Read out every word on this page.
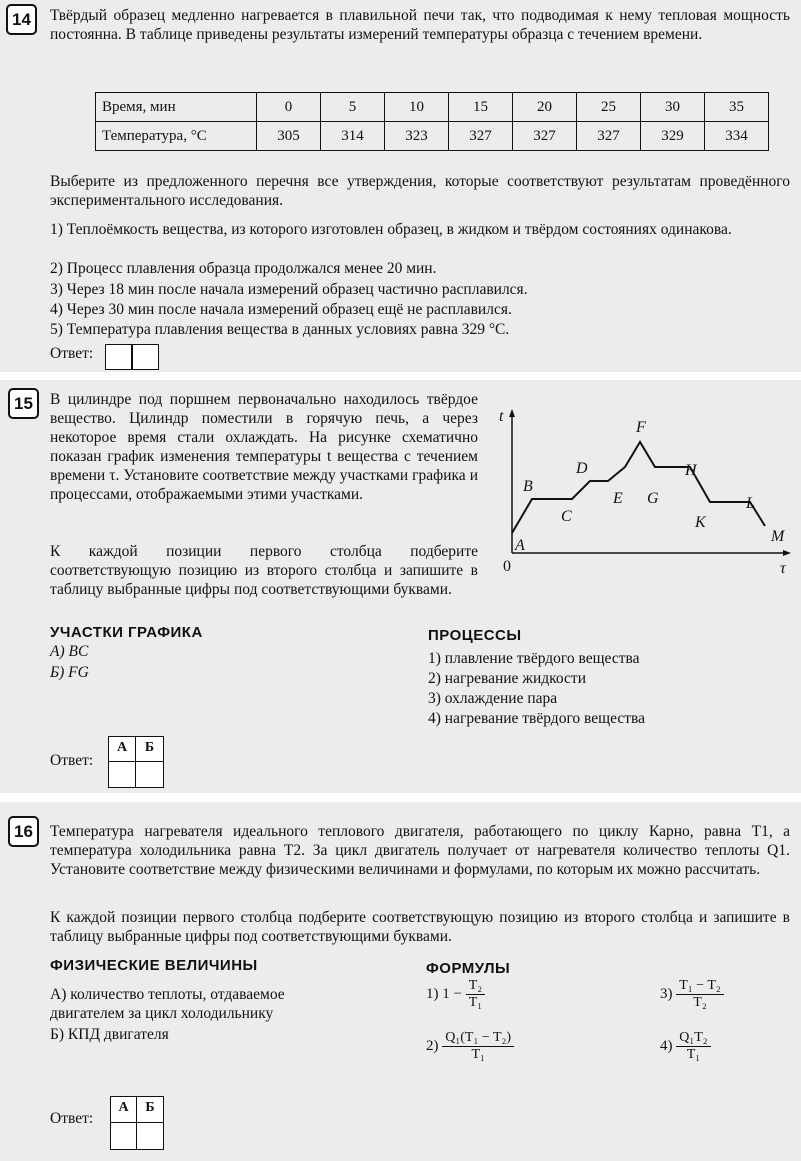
14	Твёрдый образец медленно нагревается в плавильной печи так, что подводимая к нему тепловая мощность постоянна. В таблице приведены результаты измерений температуры образца с течением времени.
Время, мин	0	5	10	15	20	25	30	35
Температура, °С	305	314	323	327	327	327	329	334
Выберите из предложенного перечня все утверждения, которые соответствуют результатам проведённого экспериментального исследования.
1) Теплоёмкость вещества, из которого изготовлен образец, в жидком и твёрдом состояниях одинакова.
2) Процесс плавления образца продолжался менее 20 мин.
3) Через 18 мин после начала измерений образец частично расплавился.
4) Через 30 мин после начала измерений образец ещё не расплавился.
5) Температура плавления вещества в данных условиях равна 329 °С.
Ответ:
15	В цилиндре под поршнем первоначально находилось твёрдое вещество. Цилиндр поместили в горячую печь, а через некоторое время стали охлаждать. На рисунке схематично показан график изменения температуры t вещества с течением времени τ. Установите соответствие между участками графика и процессами, отображаемыми этими участками.
К каждой позиции первого столбца подберите соответствующую позицию из второго столбца и запишите в таблицу выбранные цифры под соответствующими буквами.
t
τ
0
A
B
C
D
E
F
G
H
K
L
M
УЧАСТКИ ГРАФИКА
А) BC
Б) FG
ПРОЦЕССЫ
1) плавление твёрдого вещества
2) нагревание жидкости
3) охлаждение пара
4) нагревание твёрдого вещества
Ответ:
А	Б
16	Температура нагревателя идеального теплового двигателя, работающего по циклу Карно, равна T1, а температура холодильника равна T2. За цикл двигатель получает от нагревателя количество теплоты Q1. Установите соответствие между физическими величинами и формулами, по которым их можно рассчитать.
К каждой позиции первого столбца подберите соответствующую позицию из второго столбца и запишите в таблицу выбранные цифры под соответствующими буквами.
ФИЗИЧЕСКИЕ ВЕЛИЧИНЫ
А) количество теплоты, отдаваемое двигателем за цикл холодильнику
Б) КПД двигателя
ФОРМУЛЫ
1) $1 - \frac{\text{T₂}}{\text{T₁}}$
$2) \frac{\text{Q₁(T₁ − T₂)}}{\text{T₁}}$
$3) \frac{\text{T₁ − T₂}}{\text{T₂}}$
$4) \frac{\text{Q₁T₂}}{\text{T₁}}$
Ответ:
А	Б
